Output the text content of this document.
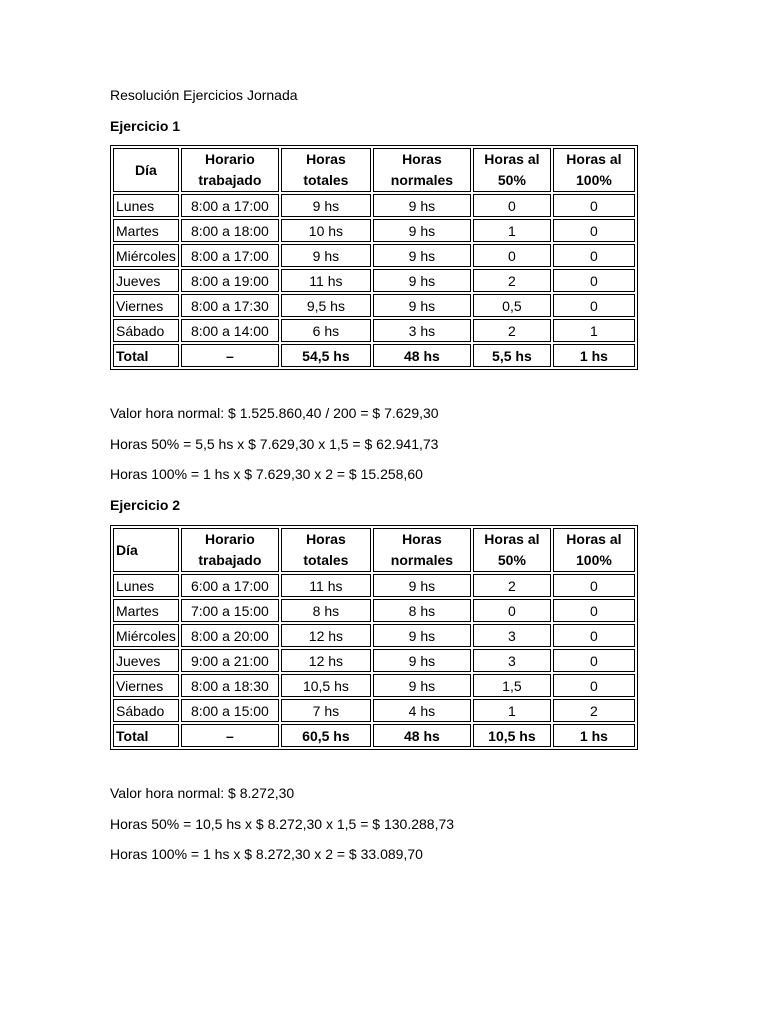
Resolución Ejercicios Jornada
Ejercicio 1
Día	Horario trabajado	Horas totales	Horas normales	Horas al 50%	Horas al 100%
Lunes	8:00 a 17:00	9 hs	9 hs	0	0
Martes	8:00 a 18:00	10 hs	9 hs	1	0
Miércoles	8:00 a 17:00	9 hs	9 hs	0	0
Jueves	8:00 a 19:00	11 hs	9 hs	2	0
Viernes	8:00 a 17:30	9,5 hs	9 hs	0,5	0
Sábado	8:00 a 14:00	6 hs	3 hs	2	1
Total	–	54,5 hs	48 hs	5,5 hs	1 hs
Valor hora normal: $ 1.525.860,40 / 200 = $ 7.629,30
Horas 50% = 5,5 hs x $ 7.629,30 x 1,5 = $ 62.941,73
Horas 100% = 1 hs x $ 7.629,30 x 2 = $ 15.258,60
Ejercicio 2
Día	Horario trabajado	Horas totales	Horas normales	Horas al 50%	Horas al 100%
Lunes	6:00 a 17:00	11 hs	9 hs	2	0
Martes	7:00 a 15:00	8 hs	8 hs	0	0
Miércoles	8:00 a 20:00	12 hs	9 hs	3	0
Jueves	9:00 a 21:00	12 hs	9 hs	3	0
Viernes	8:00 a 18:30	10,5 hs	9 hs	1,5	0
Sábado	8:00 a 15:00	7 hs	4 hs	1	2
Total	–	60,5 hs	48 hs	10,5 hs	1 hs
Valor hora normal: $ 8.272,30
Horas 50% = 10,5 hs x $ 8.272,30 x 1,5 = $ 130.288,73
Horas 100% = 1 hs x $ 8.272,30 x 2 = $ 33.089,70
